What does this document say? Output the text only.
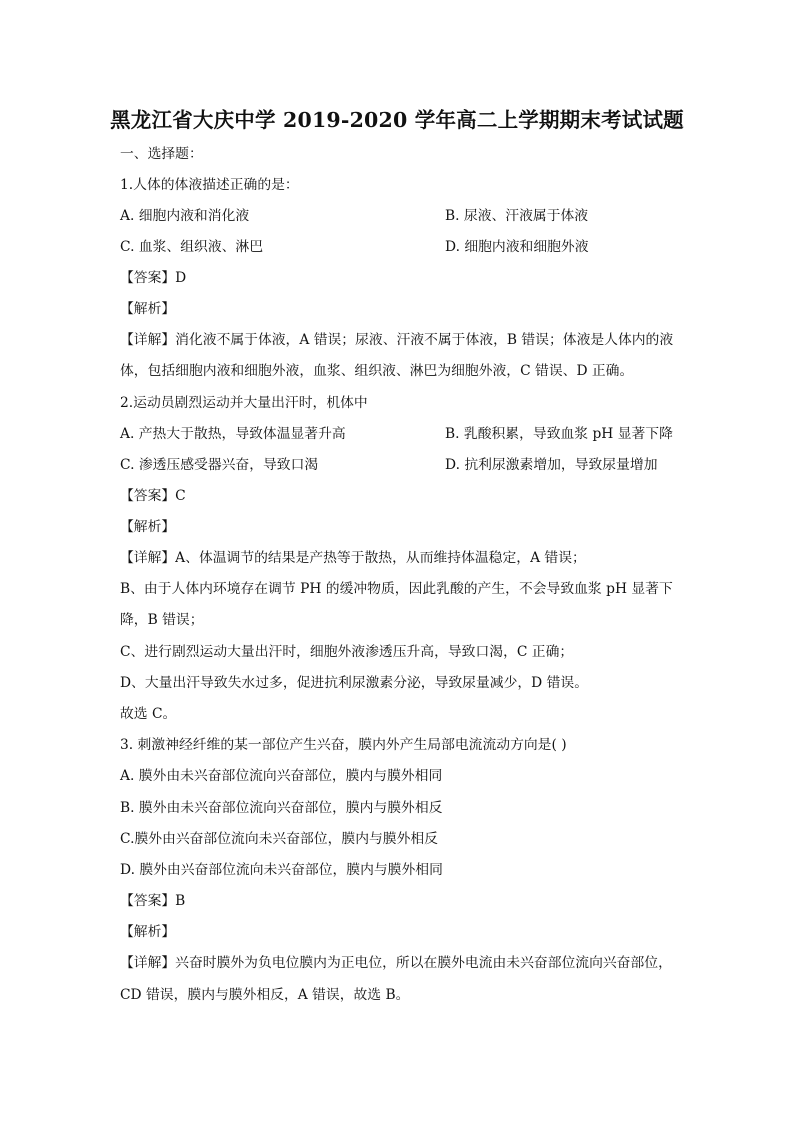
黑龙江省大庆中学 2019-2020 学年高二上学期期末考试试题
一、选择题：
1.人体的体液描述正确的是：
A. 细胞内液和消化液	B. 尿液、汗液属于体液
C. 血浆、组织液、淋巴	D. 细胞内液和细胞外液
【答案】D
【解析】
【详解】消化液不属于体液，A 错误；尿液、汗液不属于体液，B 错误；体液是人体内的液
体，包括细胞内液和细胞外液，血浆、组织液、淋巴为细胞外液，C 错误、D 正确。
2.运动员剧烈运动并大量出汗时，机体中
A. 产热大于散热，导致体温显著升高	B. 乳酸积累，导致血浆 pH 显著下降
C. 渗透压感受器兴奋，导致口渴	D. 抗利尿激素增加，导致尿量增加
【答案】C
【解析】
【详解】A、体温调节的结果是产热等于散热，从而维持体温稳定，A 错误；
B、由于人体内环境存在调节 PH 的缓冲物质，因此乳酸的产生，不会导致血浆 pH 显著下
降，B 错误；
C、进行剧烈运动大量出汗时，细胞外液渗透压升高，导致口渴，C 正确；
D、大量出汗导致失水过多，促进抗利尿激素分泌，导致尿量减少，D 错误。
故选 C。
3. 刺激神经纤维的某一部位产生兴奋，膜内外产生局部电流流动方向是( )
A. 膜外由未兴奋部位流向兴奋部位，膜内与膜外相同
B. 膜外由未兴奋部位流向兴奋部位，膜内与膜外相反
C.膜外由兴奋部位流向未兴奋部位，膜内与膜外相反
D. 膜外由兴奋部位流向未兴奋部位，膜内与膜外相同
【答案】B
【解析】
【详解】兴奋时膜外为负电位膜内为正电位，所以在膜外电流由未兴奋部位流向兴奋部位，
CD 错误，膜内与膜外相反，A 错误，故选 B。
